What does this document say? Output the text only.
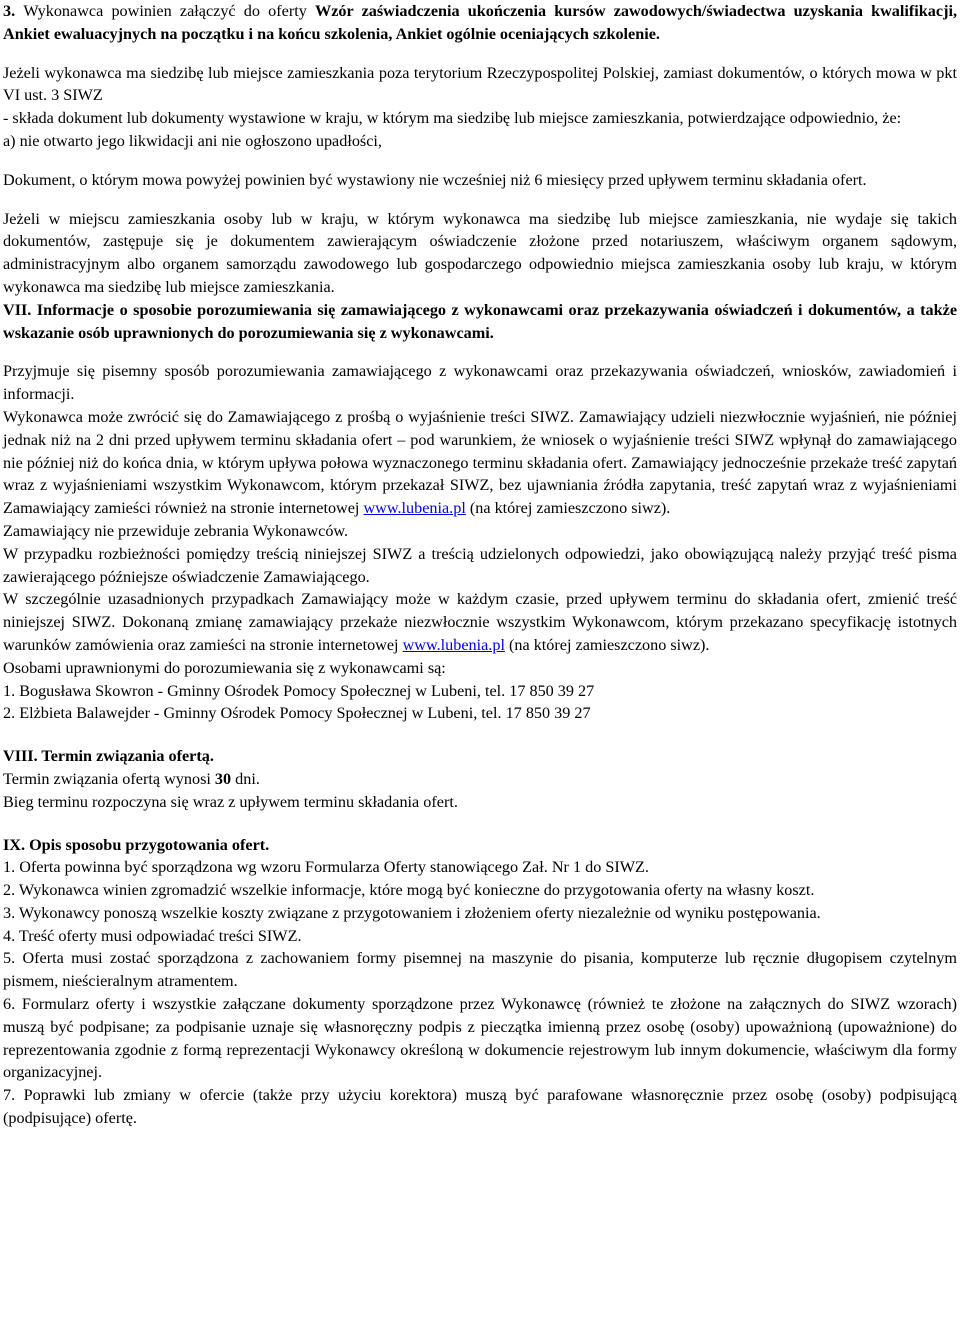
3. Wykonawca powinien załączyć do oferty Wzór zaświadczenia ukończenia kursów zawodowych/świadectwa uzyskania kwalifikacji, Ankiet ewaluacyjnych na początku i na końcu szkolenia, Ankiet ogólnie oceniających szkolenie.

Jeżeli wykonawca ma siedzibę lub miejsce zamieszkania poza terytorium Rzeczypospolitej Polskiej, zamiast dokumentów, o których mowa w pkt VI ust. 3 SIWZ

- składa dokument lub dokumenty wystawione w kraju, w którym ma siedzibę lub miejsce zamieszkania, potwierdzające odpowiednio, że:

a) nie otwarto jego likwidacji ani nie ogłoszono upadłości,

Dokument, o którym mowa powyżej powinien być wystawiony nie wcześniej niż 6 miesięcy przed upływem terminu składania ofert.

Jeżeli w miejscu zamieszkania osoby lub w kraju, w którym wykonawca ma siedzibę lub miejsce zamieszkania, nie wydaje się takich dokumentów, zastępuje się je dokumentem zawierającym oświadczenie złożone przed notariuszem, właściwym organem sądowym, administracyjnym albo organem samorządu zawodowego lub gospodarczego odpowiednio miejsca zamieszkania osoby lub kraju, w którym wykonawca ma siedzibę lub miejsce zamieszkania.

VII. Informacje o sposobie porozumiewania się zamawiającego z wykonawcami oraz przekazywania oświadczeń i dokumentów, a także wskazanie osób uprawnionych do porozumiewania się z wykonawcami.

Przyjmuje się pisemny sposób porozumiewania zamawiającego z wykonawcami oraz przekazywania oświadczeń, wniosków, zawiadomień i informacji.

Wykonawca może zwrócić się do Zamawiającego z prośbą o wyjaśnienie treści SIWZ. Zamawiający udzieli niezwłocznie wyjaśnień, nie później jednak niż na 2 dni przed upływem terminu składania ofert – pod warunkiem, że wniosek o wyjaśnienie treści SIWZ wpłynął do zamawiającego nie później niż do końca dnia, w którym upływa połowa wyznaczonego terminu składania ofert. Zamawiający jednocześnie przekaże treść zapytań wraz z wyjaśnieniami wszystkim Wykonawcom, którym przekazał SIWZ, bez ujawniania źródła zapytania, treść zapytań wraz z wyjaśnieniami Zamawiający zamieści również na stronie internetowej www.lubenia.pl (na której zamieszczono siwz).

Zamawiający nie przewiduje zebrania Wykonawców.

W przypadku rozbieżności pomiędzy treścią niniejszej SIWZ a treścią udzielonych odpowiedzi, jako obowiązującą należy przyjąć treść pisma zawierającego późniejsze oświadczenie Zamawiającego.

W szczególnie uzasadnionych przypadkach Zamawiający może w każdym czasie, przed upływem terminu do składania ofert, zmienić treść niniejszej SIWZ. Dokonaną zmianę zamawiający przekaże niezwłocznie wszystkim Wykonawcom, którym przekazano specyfikację istotnych warunków zamówienia oraz zamieści na stronie internetowej www.lubenia.pl (na której zamieszczono siwz).

Osobami uprawnionymi do porozumiewania się z wykonawcami są:

1. Bogusława Skowron - Gminny Ośrodek Pomocy Społecznej w Lubeni, tel. 17 850 39 27

2. Elżbieta Balawejder - Gminny Ośrodek Pomocy Społecznej w Lubeni, tel. 17 850 39 27

VIII. Termin związania ofertą.

Termin związania ofertą wynosi 30 dni.

Bieg terminu rozpoczyna się wraz z upływem terminu składania ofert.

IX. Opis sposobu przygotowania ofert.

1. Oferta powinna być sporządzona wg wzoru Formularza Oferty stanowiącego Zał. Nr 1 do SIWZ.

2. Wykonawca winien zgromadzić wszelkie informacje, które mogą być konieczne do przygotowania oferty na własny koszt.

3. Wykonawcy ponoszą wszelkie koszty związane z przygotowaniem i złożeniem oferty niezależnie od wyniku postępowania.

4. Treść oferty musi odpowiadać treści SIWZ.

5. Oferta musi zostać sporządzona z zachowaniem formy pisemnej na maszynie do pisania, komputerze lub ręcznie długopisem czytelnym pismem, nieścieralnym atramentem.

6. Formularz oferty i wszystkie załączane dokumenty sporządzone przez Wykonawcę (również te złożone na załącznych do SIWZ wzorach) muszą być podpisane; za podpisanie uznaje się własnoręczny podpis z pieczątka imienną przez osobę (osoby) upoważnioną (upoważnione) do reprezentowania zgodnie z formą reprezentacji Wykonawcy określoną w dokumencie rejestrowym lub innym dokumencie, właściwym dla formy organizacyjnej.

7. Poprawki lub zmiany w ofercie (także przy użyciu korektora) muszą być parafowane własnoręcznie przez osobę (osoby) podpisującą (podpisujące) ofertę.
